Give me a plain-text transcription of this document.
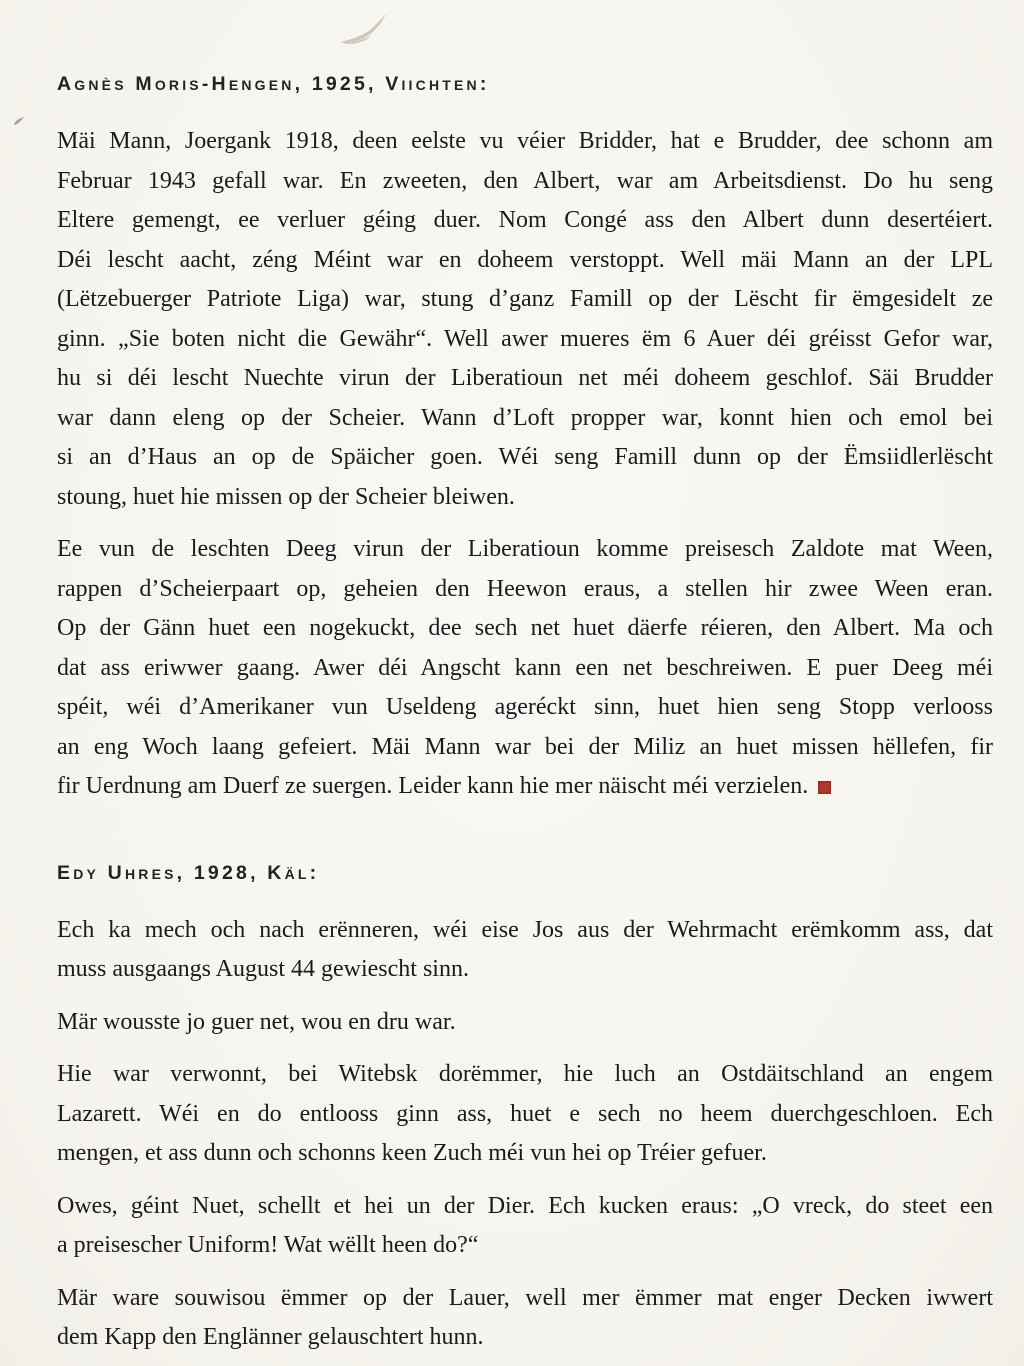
Agnès Moris-Hengen, 1925, Viichten:
Mäi Mann, Joergank 1918, deen eelste vu véier Bridder, hat e Brudder, dee schonn am
Februar 1943 gefall war. En zweeten, den Albert, war am Arbeitsdienst. Do hu seng
Eltere gemengt, ee verluer géing duer. Nom Congé ass den Albert dunn desertéiert.
Déi lescht aacht, zéng Méint war en doheem verstoppt. Well mäi Mann an der LPL
(Lëtzebuerger Patriote Liga) war, stung d’ganz Famill op der Lëscht fir ëmgesidelt ze
ginn. „Sie boten nicht die Gewähr“. Well awer mueres ëm 6 Auer déi gréisst Gefor war,
hu si déi lescht Nuechte virun der Liberatioun net méi doheem geschlof. Säi Brudder
war dann eleng op der Scheier. Wann d’Loft propper war, konnt hien och emol bei
si an d’Haus an op de Späicher goen. Wéi seng Famill dunn op der Ëmsiidlerlëscht
stoung, huet hie missen op der Scheier bleiwen.
Ee vun de leschten Deeg virun der Liberatioun komme preisesch Zaldote mat Ween,
rappen d’Scheierpaart op, geheien den Heewon eraus, a stellen hir zwee Ween eran.
Op der Gänn huet een nogekuckt, dee sech net huet däerfe réieren, den Albert. Ma och
dat ass eriwwer gaang. Awer déi Angscht kann een net beschreiwen. E puer Deeg méi
spéit, wéi d’Amerikaner vun Useldeng ageréckt sinn, huet hien seng Stopp verlooss
an eng Woch laang gefeiert. Mäi Mann war bei der Miliz an huet missen hëllefen, fir
fir Uerdnung am Duerf ze suergen. Leider kann hie mer näischt méi verzielen.
Edy Uhres, 1928, Käl:
Ech ka mech och nach erënneren, wéi eise Jos aus der Wehrmacht erëmkomm ass, dat
muss ausgaangs August 44 gewiescht sinn.
Mär wousste jo guer net, wou en dru war.
Hie war verwonnt, bei Witebsk dorëmmer, hie luch an Ostdäitschland an engem
Lazarett. Wéi en do entlooss ginn ass, huet e sech no heem duerchgeschloen. Ech
mengen, et ass dunn och schonns keen Zuch méi vun hei op Tréier gefuer.
Owes, géint Nuet, schellt et hei un der Dier. Ech kucken eraus: „O vreck, do steet een
a preisescher Uniform! Wat wëllt heen do?“
Mär ware souwisou ëmmer op der Lauer, well mer ëmmer mat enger Decken iwwert
dem Kapp den Englänner gelauschtert hunn.
